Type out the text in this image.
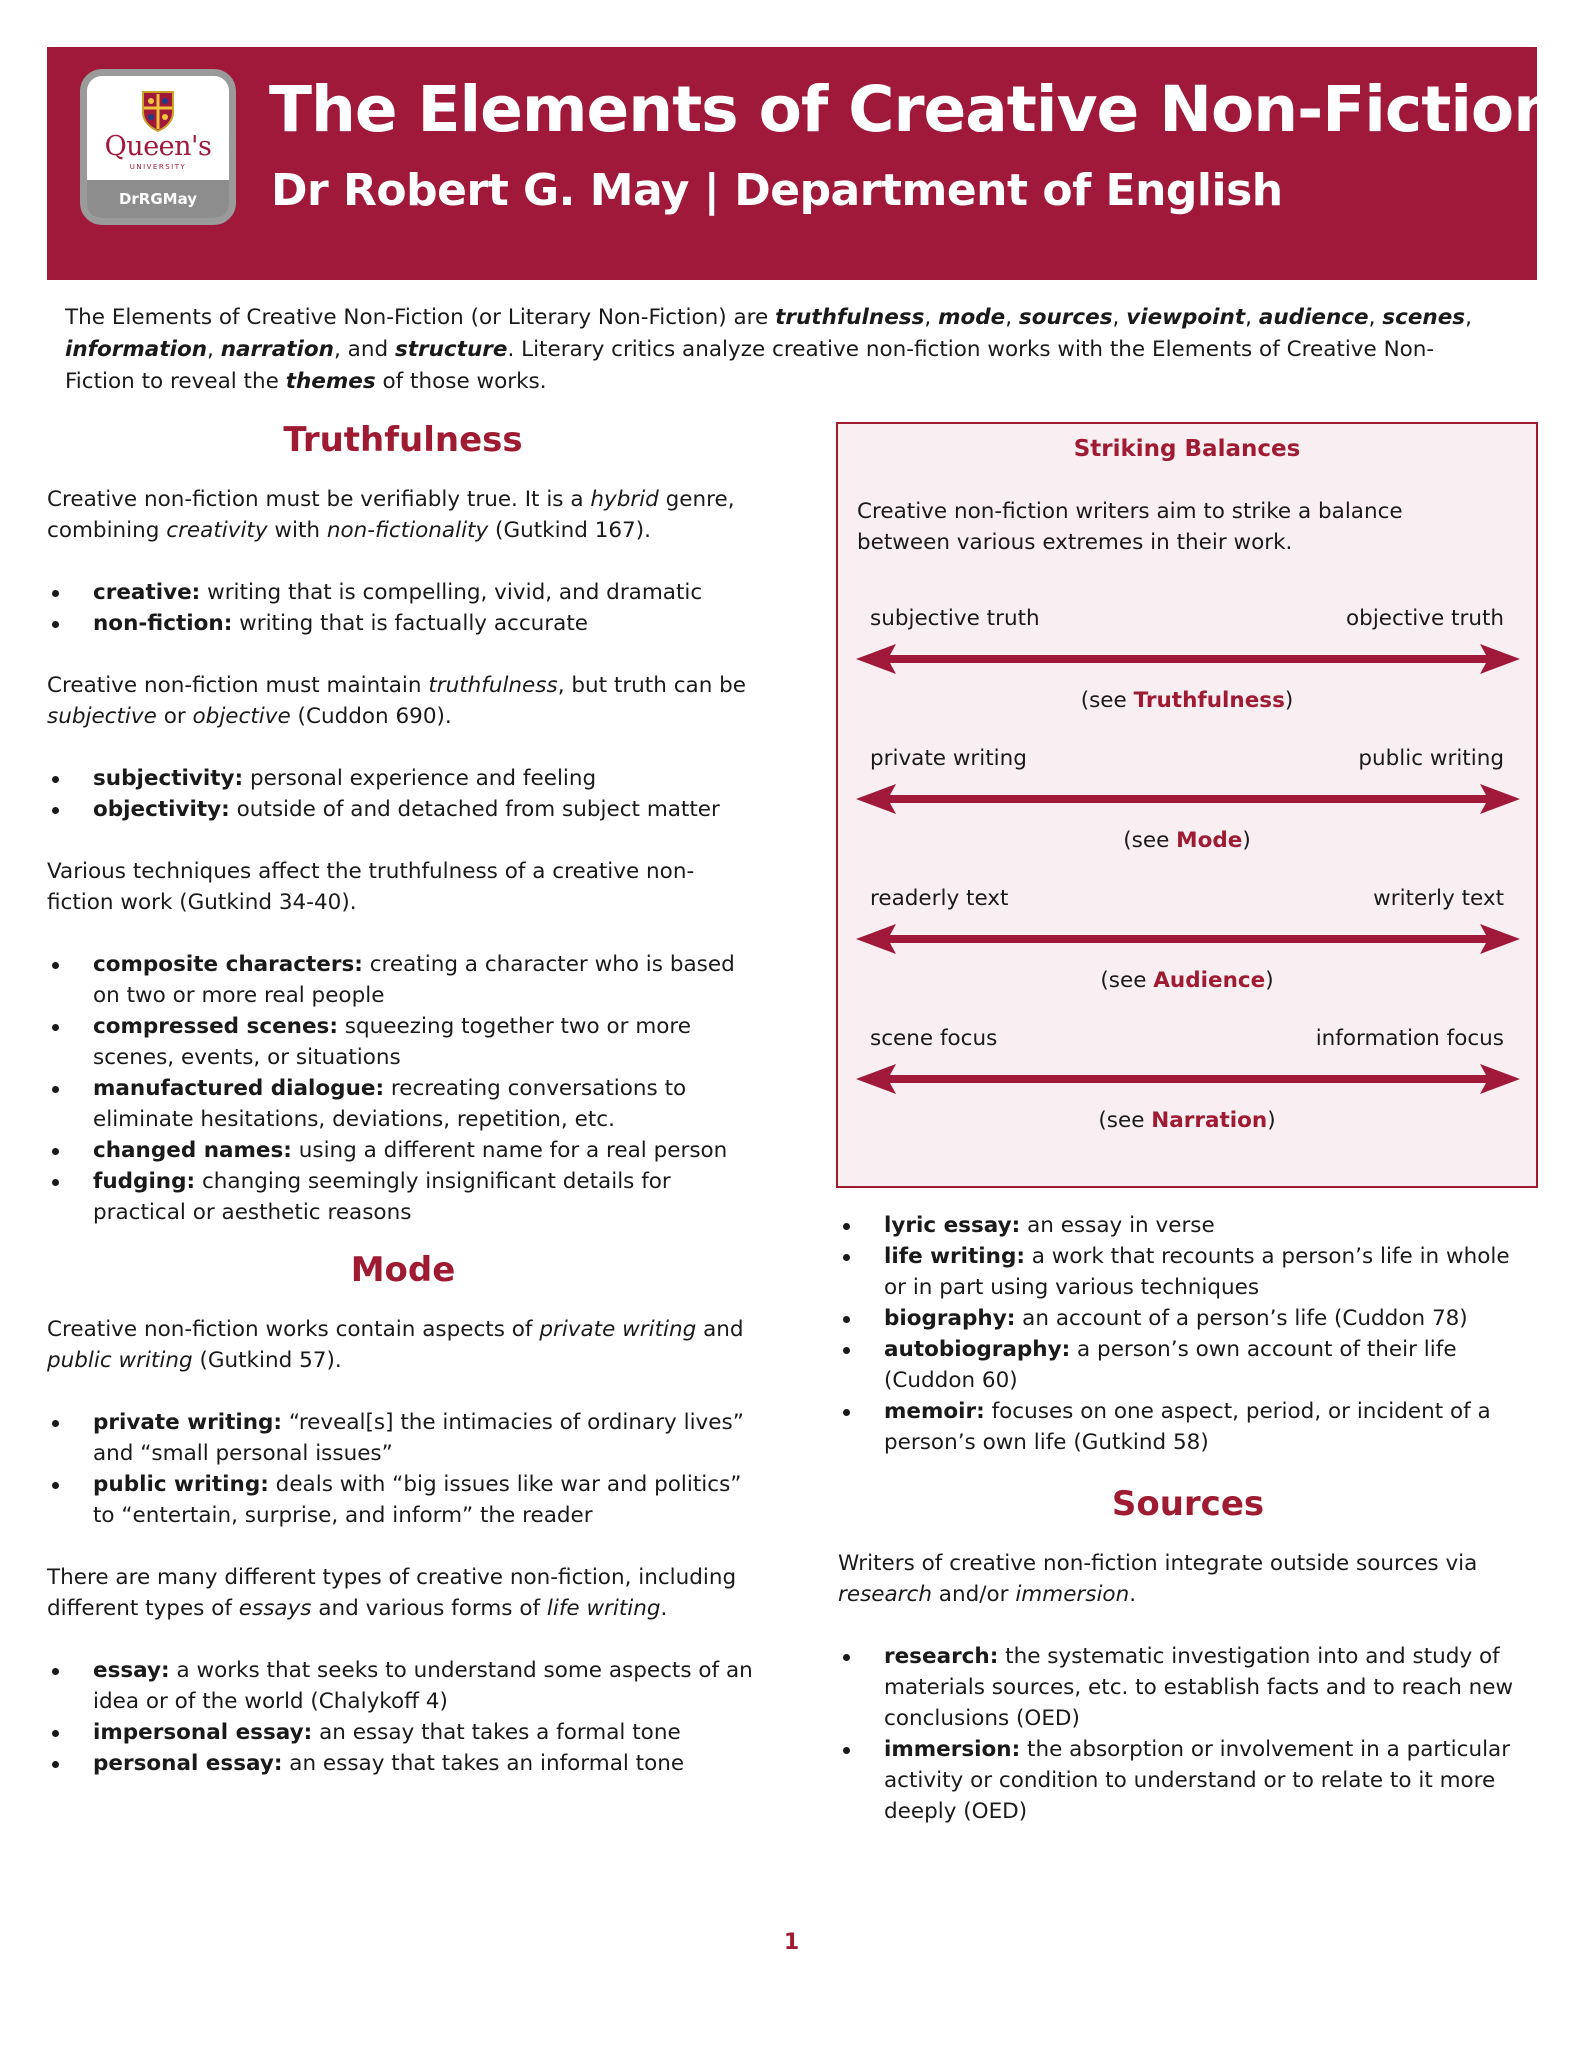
Queen's
UNIVERSITY
DrRGMay
The Elements of Creative Non-Fiction
Dr Robert G. May | Department of English
The Elements of Creative Non-Fiction (or Literary Non-Fiction) are truthfulness, mode, sources, viewpoint, audience, scenes, information, narration, and structure. Literary critics analyze creative non-fiction works with the Elements of Creative Non-Fiction to reveal the themes of those works.
Truthfulness

Creative non-fiction must be verifiably true. It is a hybrid genre, combining creativity with non-fictionality (Gutkind 167).

creative: writing that is compelling, vivid, and dramatic
non-fiction: writing that is factually accurate

Creative non-fiction must maintain truthfulness, but truth can be subjective or objective (Cuddon 690).

subjectivity: personal experience and feeling
objectivity: outside of and detached from subject matter

Various techniques affect the truthfulness of a creative non-fiction work (Gutkind 34-40).

composite characters: creating a character who is based on two or more real people
compressed scenes: squeezing together two or more scenes, events, or situations
manufactured dialogue: recreating conversations to eliminate hesitations, deviations, repetition, etc.
changed names: using a different name for a real person
fudging: changing seemingly insignificant details for practical or aesthetic reasons
Mode

Creative non-fiction works contain aspects of private writing and public writing (Gutkind 57).

private writing: “reveal[s] the intimacies of ordinary lives” and “small personal issues”
public writing: deals with “big issues like war and politics” to “entertain, surprise, and inform” the reader

There are many different types of creative non-fiction, including different types of essays and various forms of life writing.

essay: a works that seeks to understand some aspects of an idea or of the world (Chalykoff 4)
impersonal essay: an essay that takes a formal tone
personal essay: an essay that takes an informal tone
Striking Balances
Creative non-fiction writers aim to strike a balance between various extremes in their work.
subjective truth	objective truth
(see Truthfulness)
private writing	public writing
(see Mode)
readerly text	writerly text
(see Audience)
scene focus	information focus
(see Narration)
lyric essay: an essay in verse
life writing: a work that recounts a person’s life in whole or in part using various techniques
biography: an account of a person’s life (Cuddon 78)
autobiography: a person’s own account of their life (Cuddon 60)
memoir: focuses on one aspect, period, or incident of a person’s own life (Gutkind 58)
Sources

Writers of creative non-fiction integrate outside sources via research and/or immersion.

research: the systematic investigation into and study of materials sources, etc. to establish facts and to reach new conclusions (OED)
immersion: the absorption or involvement in a particular activity or condition to understand or to relate to it more deeply (OED)
1
